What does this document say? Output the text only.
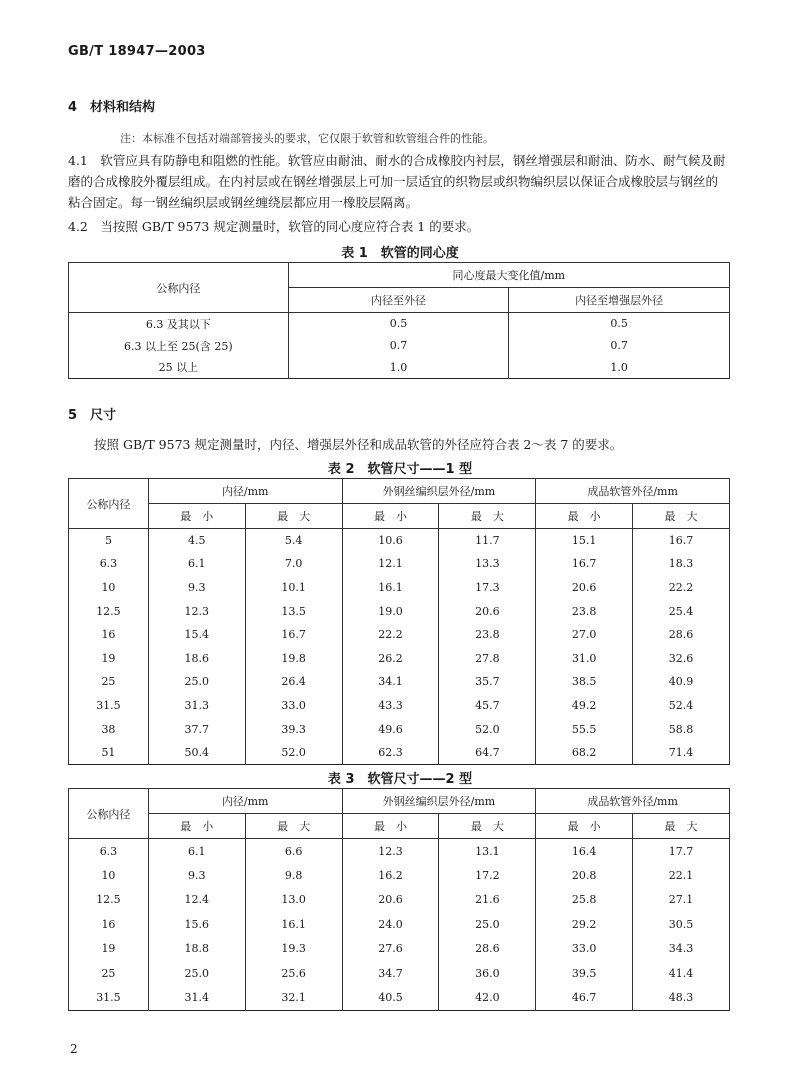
GB/T 18947—2003
4 材料和结构
注：本标准不包括对端部管接头的要求，它仅限于软管和软管组合件的性能。
4.1　软管应具有防静电和阻燃的性能。软管应由耐油、耐水的合成橡胶内衬层，钢丝增强层和耐油、防水、耐气候及耐磨的合成橡胶外覆层组成。在内衬层或在钢丝增强层上可加一层适宜的织物层或织物编织层以保证合成橡胶层与钢丝的粘合固定。每一钢丝编织层或钢丝缠绕层都应用一橡胶层隔离。
4.2　当按照 GB/T 9573 规定测量时，软管的同心度应符合表 1 的要求。
表 1　软管的同心度
公称内径	同心度最大变化值/mm	
	内径至外径	内径至增强层外径
6.3 及其以下	0.5	0.5
6.3 以上至 25(含 25)	0.7	0.7
25 以上	1.0	1.0
5 尺寸
按照 GB/T 9573 规定测量时，内径、增强层外径和成品软管的外径应符合表 2～表 7 的要求。
表 2　软管尺寸——1 型
公称内径	内径/mm		外钢丝编织层外径/mm		成品软管外径/mm	
	最　小	最　大	最　小	最　大	最　小	最　大
5	4.5	5.4	10.6	11.7	15.1	16.7
6.3	6.1	7.0	12.1	13.3	16.7	18.3
10	9.3	10.1	16.1	17.3	20.6	22.2
12.5	12.3	13.5	19.0	20.6	23.8	25.4
16	15.4	16.7	22.2	23.8	27.0	28.6
19	18.6	19.8	26.2	27.8	31.0	32.6
25	25.0	26.4	34.1	35.7	38.5	40.9
31.5	31.3	33.0	43.3	45.7	49.2	52.4
38	37.7	39.3	49.6	52.0	55.5	58.8
51	50.4	52.0	62.3	64.7	68.2	71.4
表 3　软管尺寸——2 型
公称内径	内径/mm		外钢丝编织层外径/mm		成品软管外径/mm	
	最　小	最　大	最　小	最　大	最　小	最　大
6.3	6.1	6.6	12.3	13.1	16.4	17.7
10	9.3	9.8	16.2	17.2	20.8	22.1
12.5	12.4	13.0	20.6	21.6	25.8	27.1
16	15.6	16.1	24.0	25.0	29.2	30.5
19	18.8	19.3	27.6	28.6	33.0	34.3
25	25.0	25.6	34.7	36.0	39.5	41.4
31.5	31.4	32.1	40.5	42.0	46.7	48.3
2
